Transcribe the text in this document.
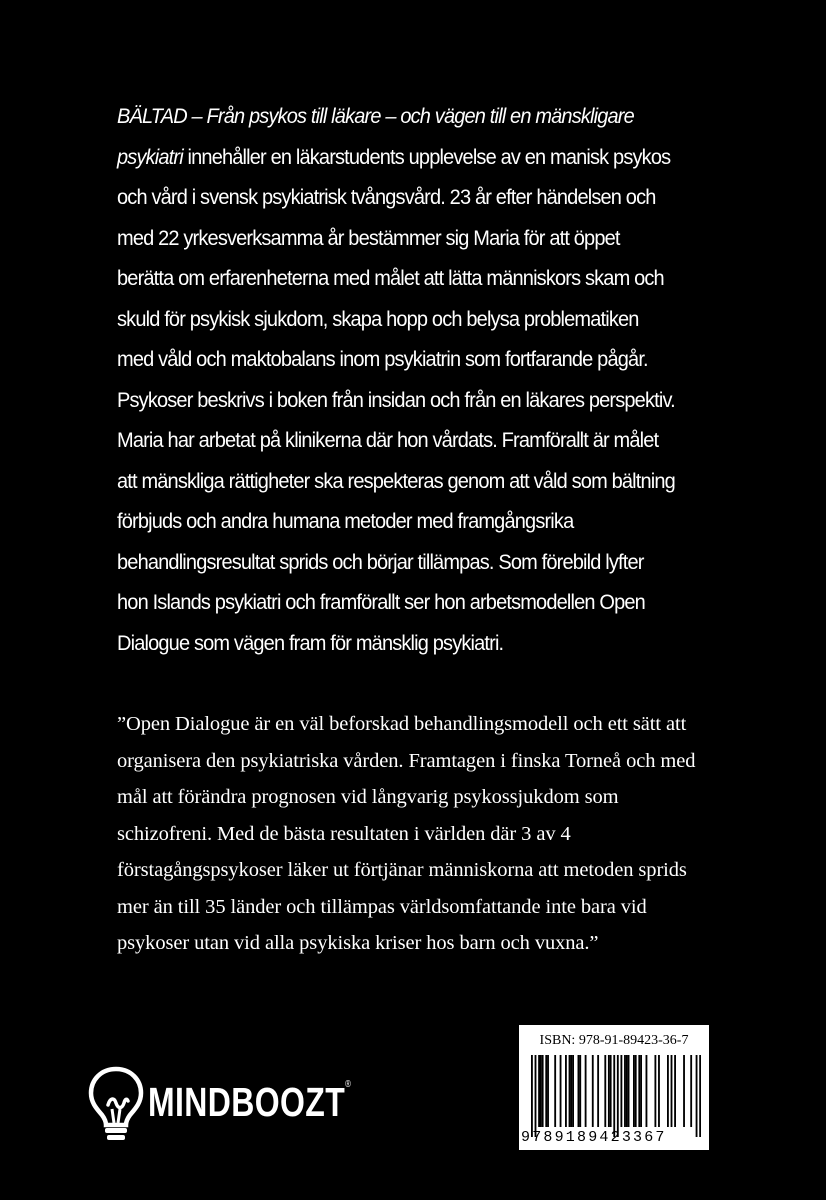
BÄLTAD – Från psykos till läkare – och vägen till en mänskligare psykiatri innehåller en läkarstudents upplevelse av en manisk psykos och vård i svensk psykiatrisk tvångsvård. 23 år efter händelsen och med 22 yrkesverksamma år bestämmer sig Maria för att öppet berätta om erfarenheterna med målet att lätta människors skam och skuld för psykisk sjukdom, skapa hopp och belysa problematiken med våld och maktobalans inom psykiatrin som fortfarande pågår. Psykoser beskrivs i boken från insidan och från en läkares perspektiv. Maria har arbetat på klinikerna där hon vårdats. Framförallt är målet att mänskliga rättigheter ska respekteras genom att våld som bältning förbjuds och andra humana metoder med framgångsrika behandlingsresultat sprids och börjar tillämpas. Som förebild lyfter hon Islands psykiatri och framförallt ser hon arbetsmodellen Open Dialogue som vägen fram för mänsklig psykiatri.
”Open Dialogue är en väl beforskad behandlingsmodell och ett sätt att organisera den psykiatriska vården. Framtagen i finska Torneå och med mål att förändra prognosen vid långvarig psykossjukdom som schizofreni. Med de bästa resultaten i världen där 3 av 4 förstagångspsykoser läker ut förtjänar människorna att metoden sprids mer än till 35 länder och tillämpas världsomfattande inte bara vid psykoser utan vid alla psykiska kriser hos barn och vuxna.”
MINDBOOZT®
ISBN: 978-91-89423-36-7
9789189423367
